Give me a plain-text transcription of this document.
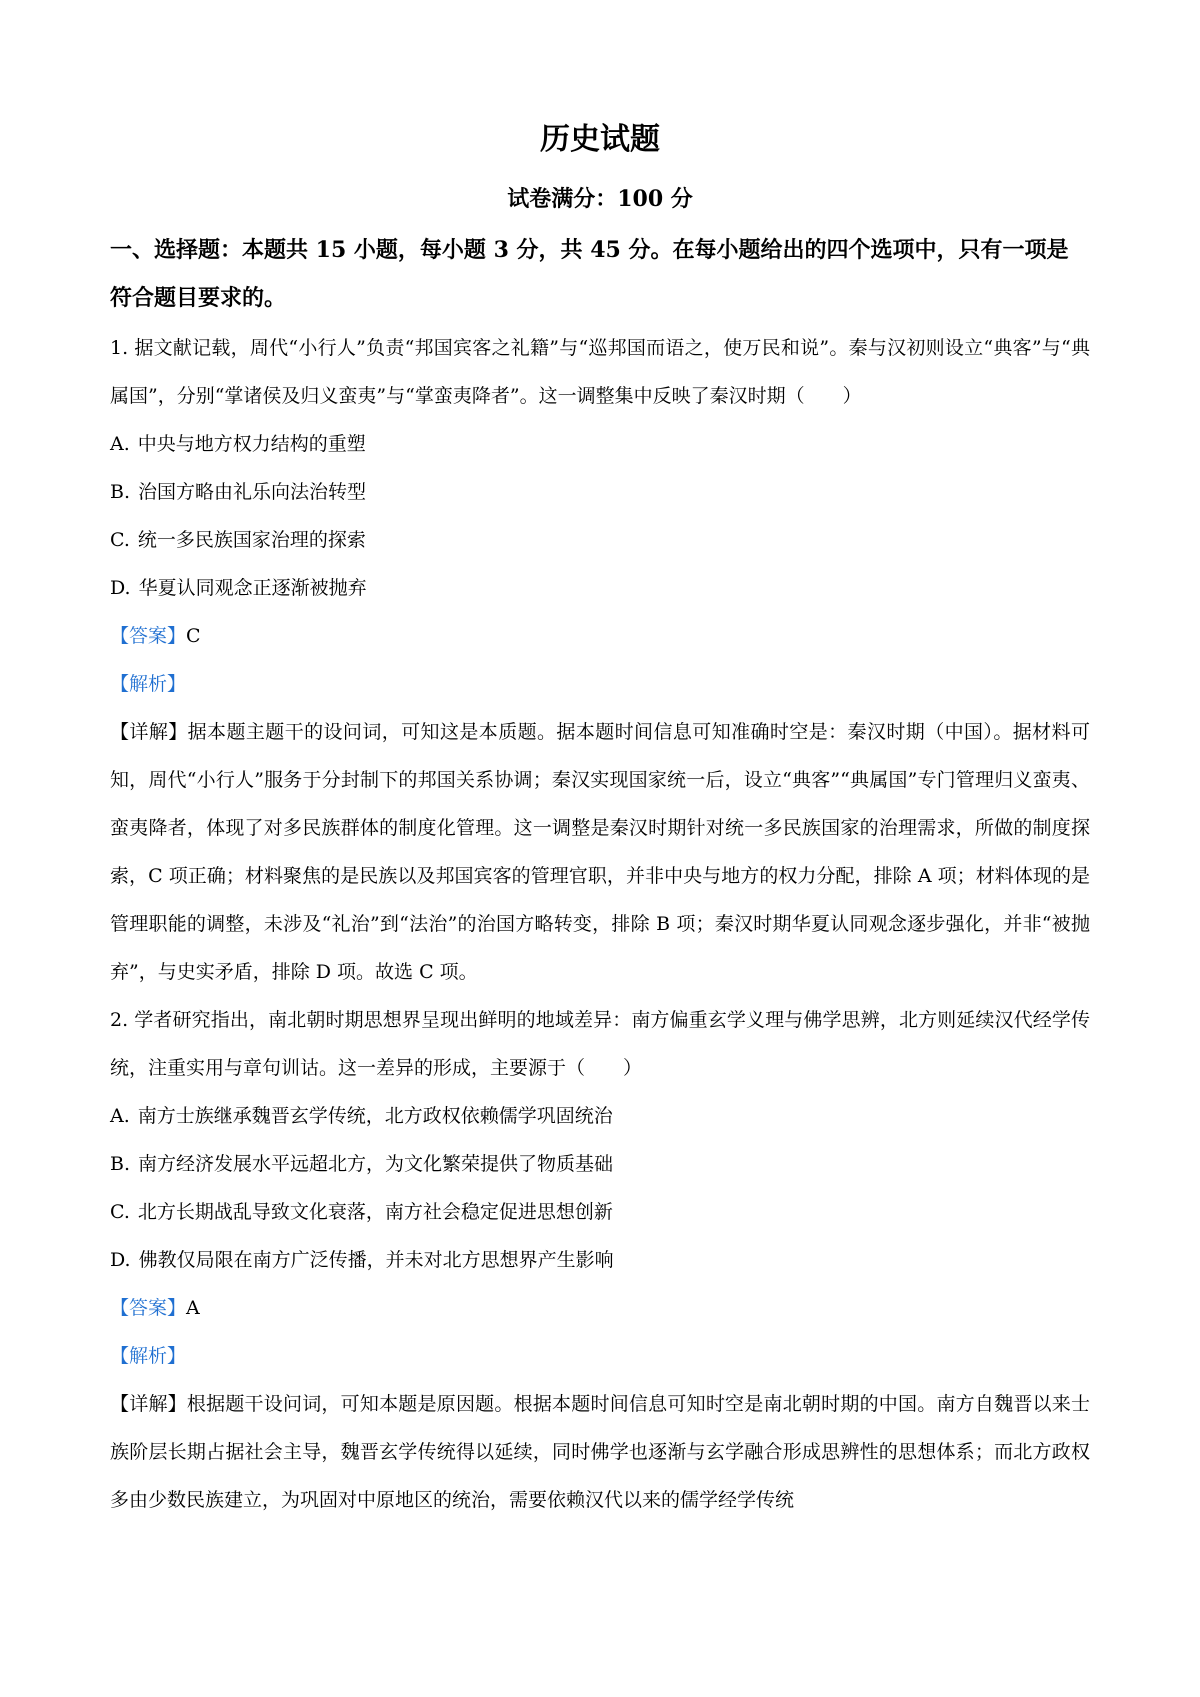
历史试题
试卷满分：100 分
一、选择题：本题共 15 小题，每小题 3 分，共 45 分。在每小题给出的四个选项中，只有一项是符合题目要求的。

1. 据文献记载，周代“小行人”负责“邦国宾客之礼籍”与“巡邦国而语之，使万民和说”。秦与汉初则设立“典客”与“典属国”，分别“掌诸侯及归义蛮夷”与“掌蛮夷降者”。这一调整集中反映了秦汉时期（　　）

A. 中央与地方权力结构的重塑

B. 治国方略由礼乐向法治转型

C. 统一多民族国家治理的探索

D. 华夏认同观念正逐渐被抛弃

【答案】C

【解析】

【详解】据本题主题干的设问词，可知这是本质题。据本题时间信息可知准确时空是：秦汉时期（中国）。据材料可知，周代“小行人”服务于分封制下的邦国关系协调；秦汉实现国家统一后，设立“典客”“典属国”专门管理归义蛮夷、蛮夷降者，体现了对多民族群体的制度化管理。这一调整是秦汉时期针对统一多民族国家的治理需求，所做的制度探索，C 项正确；材料聚焦的是民族以及邦国宾客的管理官职，并非中央与地方的权力分配，排除 A 项；材料体现的是管理职能的调整，未涉及“礼治”到“法治”的治国方略转变，排除 B 项；秦汉时期华夏认同观念逐步强化，并非“被抛弃”，与史实矛盾，排除 D 项。故选 C 项。

2. 学者研究指出，南北朝时期思想界呈现出鲜明的地域差异：南方偏重玄学义理与佛学思辨，北方则延续汉代经学传统，注重实用与章句训诂。这一差异的形成，主要源于（　　）

A. 南方士族继承魏晋玄学传统，北方政权依赖儒学巩固统治

B. 南方经济发展水平远超北方，为文化繁荣提供了物质基础

C. 北方长期战乱导致文化衰落，南方社会稳定促进思想创新

D. 佛教仅局限在南方广泛传播，并未对北方思想界产生影响

【答案】A

【解析】

【详解】根据题干设问词，可知本题是原因题。根据本题时间信息可知时空是南北朝时期的中国。南方自魏晋以来士族阶层长期占据社会主导，魏晋玄学传统得以延续，同时佛学也逐渐与玄学融合形成思辨性的思想体系；而北方政权多由少数民族建立，为巩固对中原地区的统治，需要依赖汉代以来的儒学经学传统
